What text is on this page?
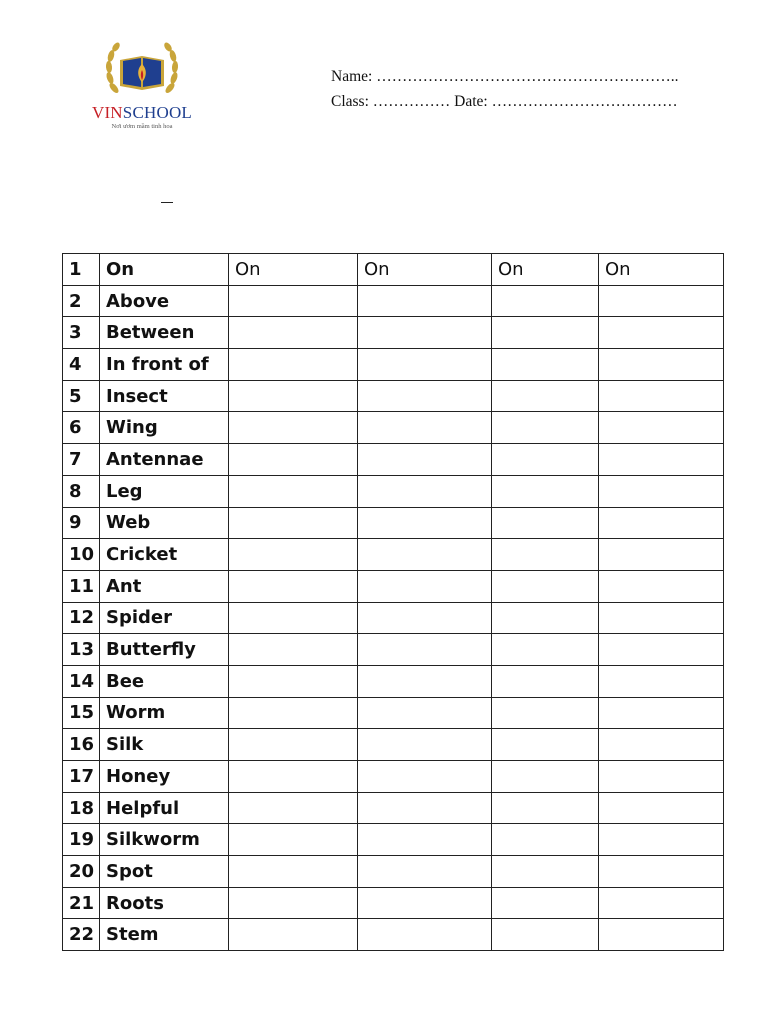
VINSCHOOL
Nơi ươm mầm tinh hoa
Name: …………………………………………………..
Class: …………… Date: ………………………………
1	On	On	On	On	On
2	Above				
3	Between				
4	In front of				
5	Insect				
6	Wing				
7	Antennae				
8	Leg				
9	Web				
10	Cricket				
11	Ant				
12	Spider				
13	Butterfly				
14	Bee				
15	Worm				
16	Silk				
17	Honey				
18	Helpful				
19	Silkworm				
20	Spot				
21	Roots				
22	Stem				
